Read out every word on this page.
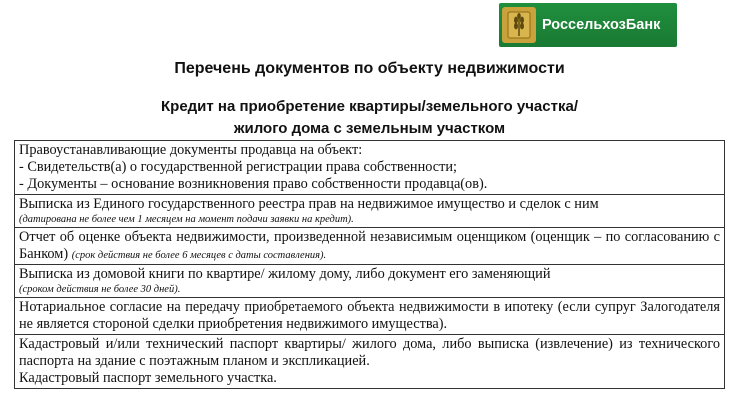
РоссельхозБанк
Перечень документов по объекту недвижимости
Кредит на приобретение квартиры/земельного участка/
жилого дома с земельным участком
Правоустанавливающие документы продавца на объект:
- Свидетельств(а) о государственной регистрации права собственности;
- Документы – основание возникновения право собственности продавца(ов).

Выписка из Единого государственного реестра прав на недвижимое имущество и сделок с ним
(датирована не более чем 1 месяцем на момент подачи заявки на кредит).

Отчет об оценке объекта недвижимости, произведенной независимым оценщиком (оценщик – по согласованию с Банком) (срок действия не более 6 месяцев с даты составления).

Выписка из домовой книги по квартире/ жилому дому, либо документ его заменяющий
(сроком действия не более 30 дней).

Нотариальное согласие на передачу приобретаемого объекта недвижимости в ипотеку (если супруг Залогодателя не является стороной сделки приобретения недвижимого имущества).

Кадастровый и/или технический паспорт квартиры/ жилого дома, либо выписка (извлечение) из технического паспорта на здание с поэтажным планом и экспликацией.
Кадастровый паспорт земельного участка.
